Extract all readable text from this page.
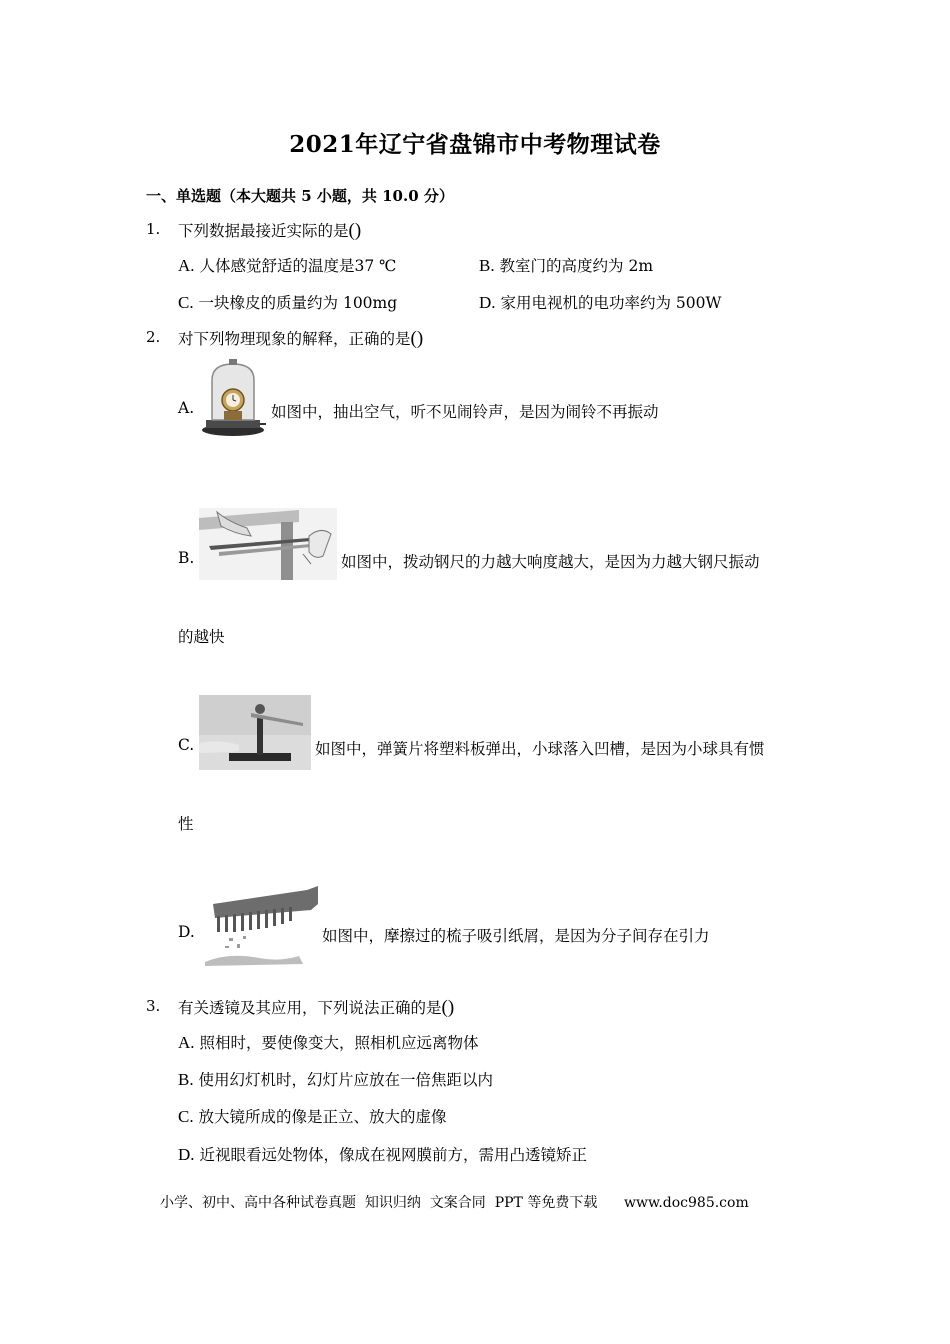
2021年辽宁省盘锦市中考物理试卷
一、单选题（本大题共 5 小题，共 10.0 分）
1. 下列数据最接近实际的是()
A. 人体感觉舒适的温度是37 ℃	B. 教室门的高度约为 2m
C. 一块橡皮的质量约为 100mg	D. 家用电视机的电功率约为 500W
2. 对下列物理现象的解释，正确的是()
A.	如图中，抽出空气，听不见闹铃声，是因为闹铃不再振动
B.	如图中，拨动钢尺的力越大响度越大，是因为力越大钢尺振动
的越快
C.	如图中，弹簧片将塑料板弹出，小球落入凹槽，是因为小球具有惯
性
D.	如图中，摩擦过的梳子吸引纸屑，是因为分子间存在引力
3. 有关透镜及其应用，下列说法正确的是()
A. 照相时，要使像变大，照相机应远离物体
B. 使用幻灯机时，幻灯片应放在一倍焦距以内
C. 放大镜所成的像是正立、放大的虚像
D. 近视眼看远处物体，像成在视网膜前方，需用凸透镜矫正
小学、初中、高中各种试卷真题  知识归纳  文案合同  PPT 等免费下载      www.doc985.com
